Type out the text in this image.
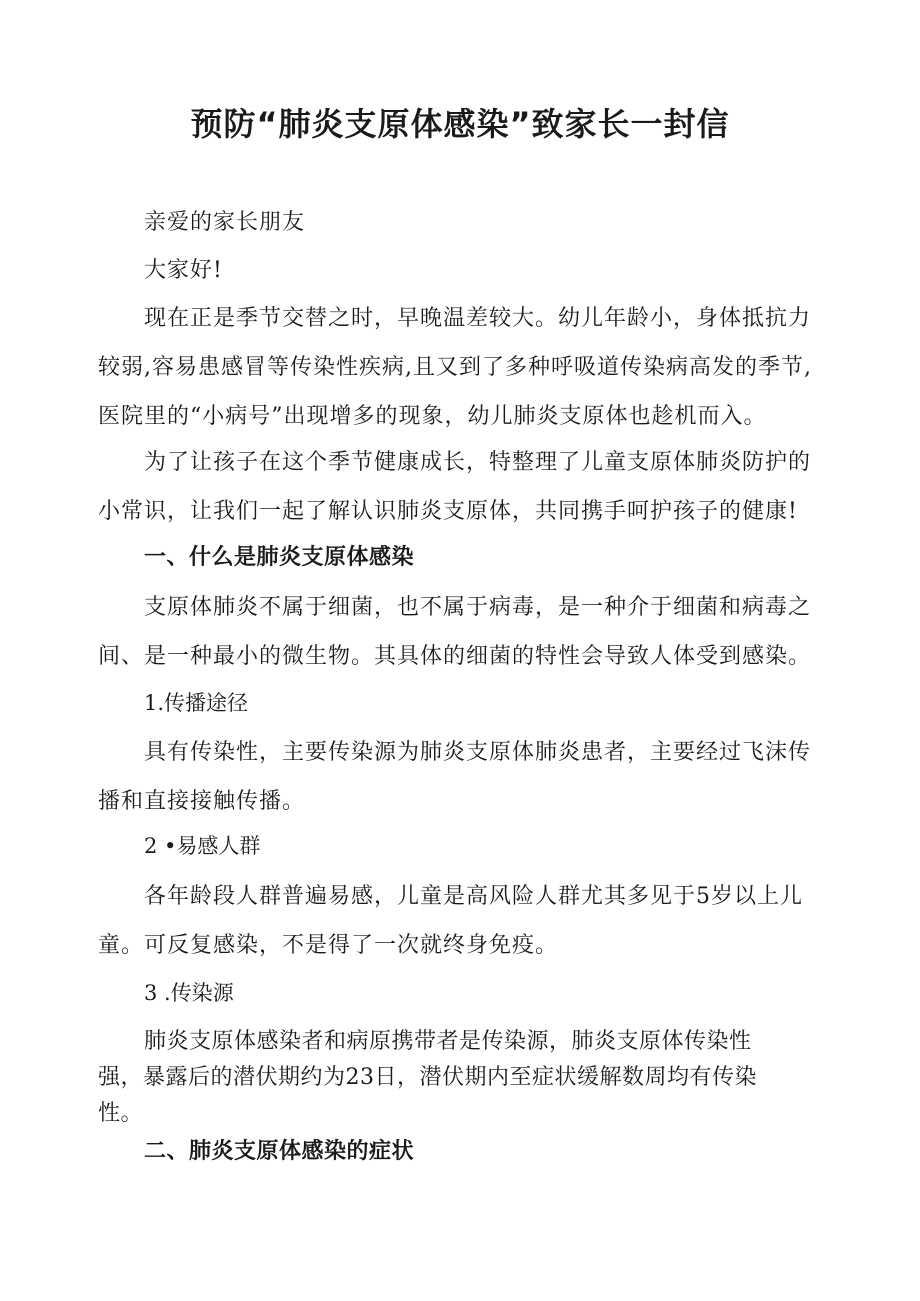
预防“肺炎支原体感染”致家长一封信

亲爱的家长朋友

大家好!

现在正是季节交替之时，早晚温差较大。幼儿年龄小，身体抵抗力
较弱,容易患感冒等传染性疾病,且又到了多种呼吸道传染病高发的季节,
医院里的“小病号”出现增多的现象，幼儿肺炎支原体也趁机而入。
为了让孩子在这个季节健康成长，特整理了儿童支原体肺炎防护的
小常识，让我们一起了解认识肺炎支原体，共同携手呵护孩子的健康!
一、什么是肺炎支原体感染
支原体肺炎不属于细菌，也不属于病毒，是一种介于细菌和病毒之
间、是一种最小的微生物。其具体的细菌的特性会导致人体受到感染。

1.传播途径

具有传染性，主要传染源为肺炎支原体肺炎患者，主要经过飞沫传
播和直接接触传播。

2 •易感人群

各年龄段人群普遍易感，儿童是高风险人群尤其多见于5岁以上儿
童。可反复感染，不是得了一次就终身免疫。

3 .传染源

肺炎支原体感染者和病原携带者是传染源，肺炎支原体传染性
强，暴露后的潜伏期约为23日，潜伏期内至症状缓解数周均有传染
性。
二、肺炎支原体感染的症状
